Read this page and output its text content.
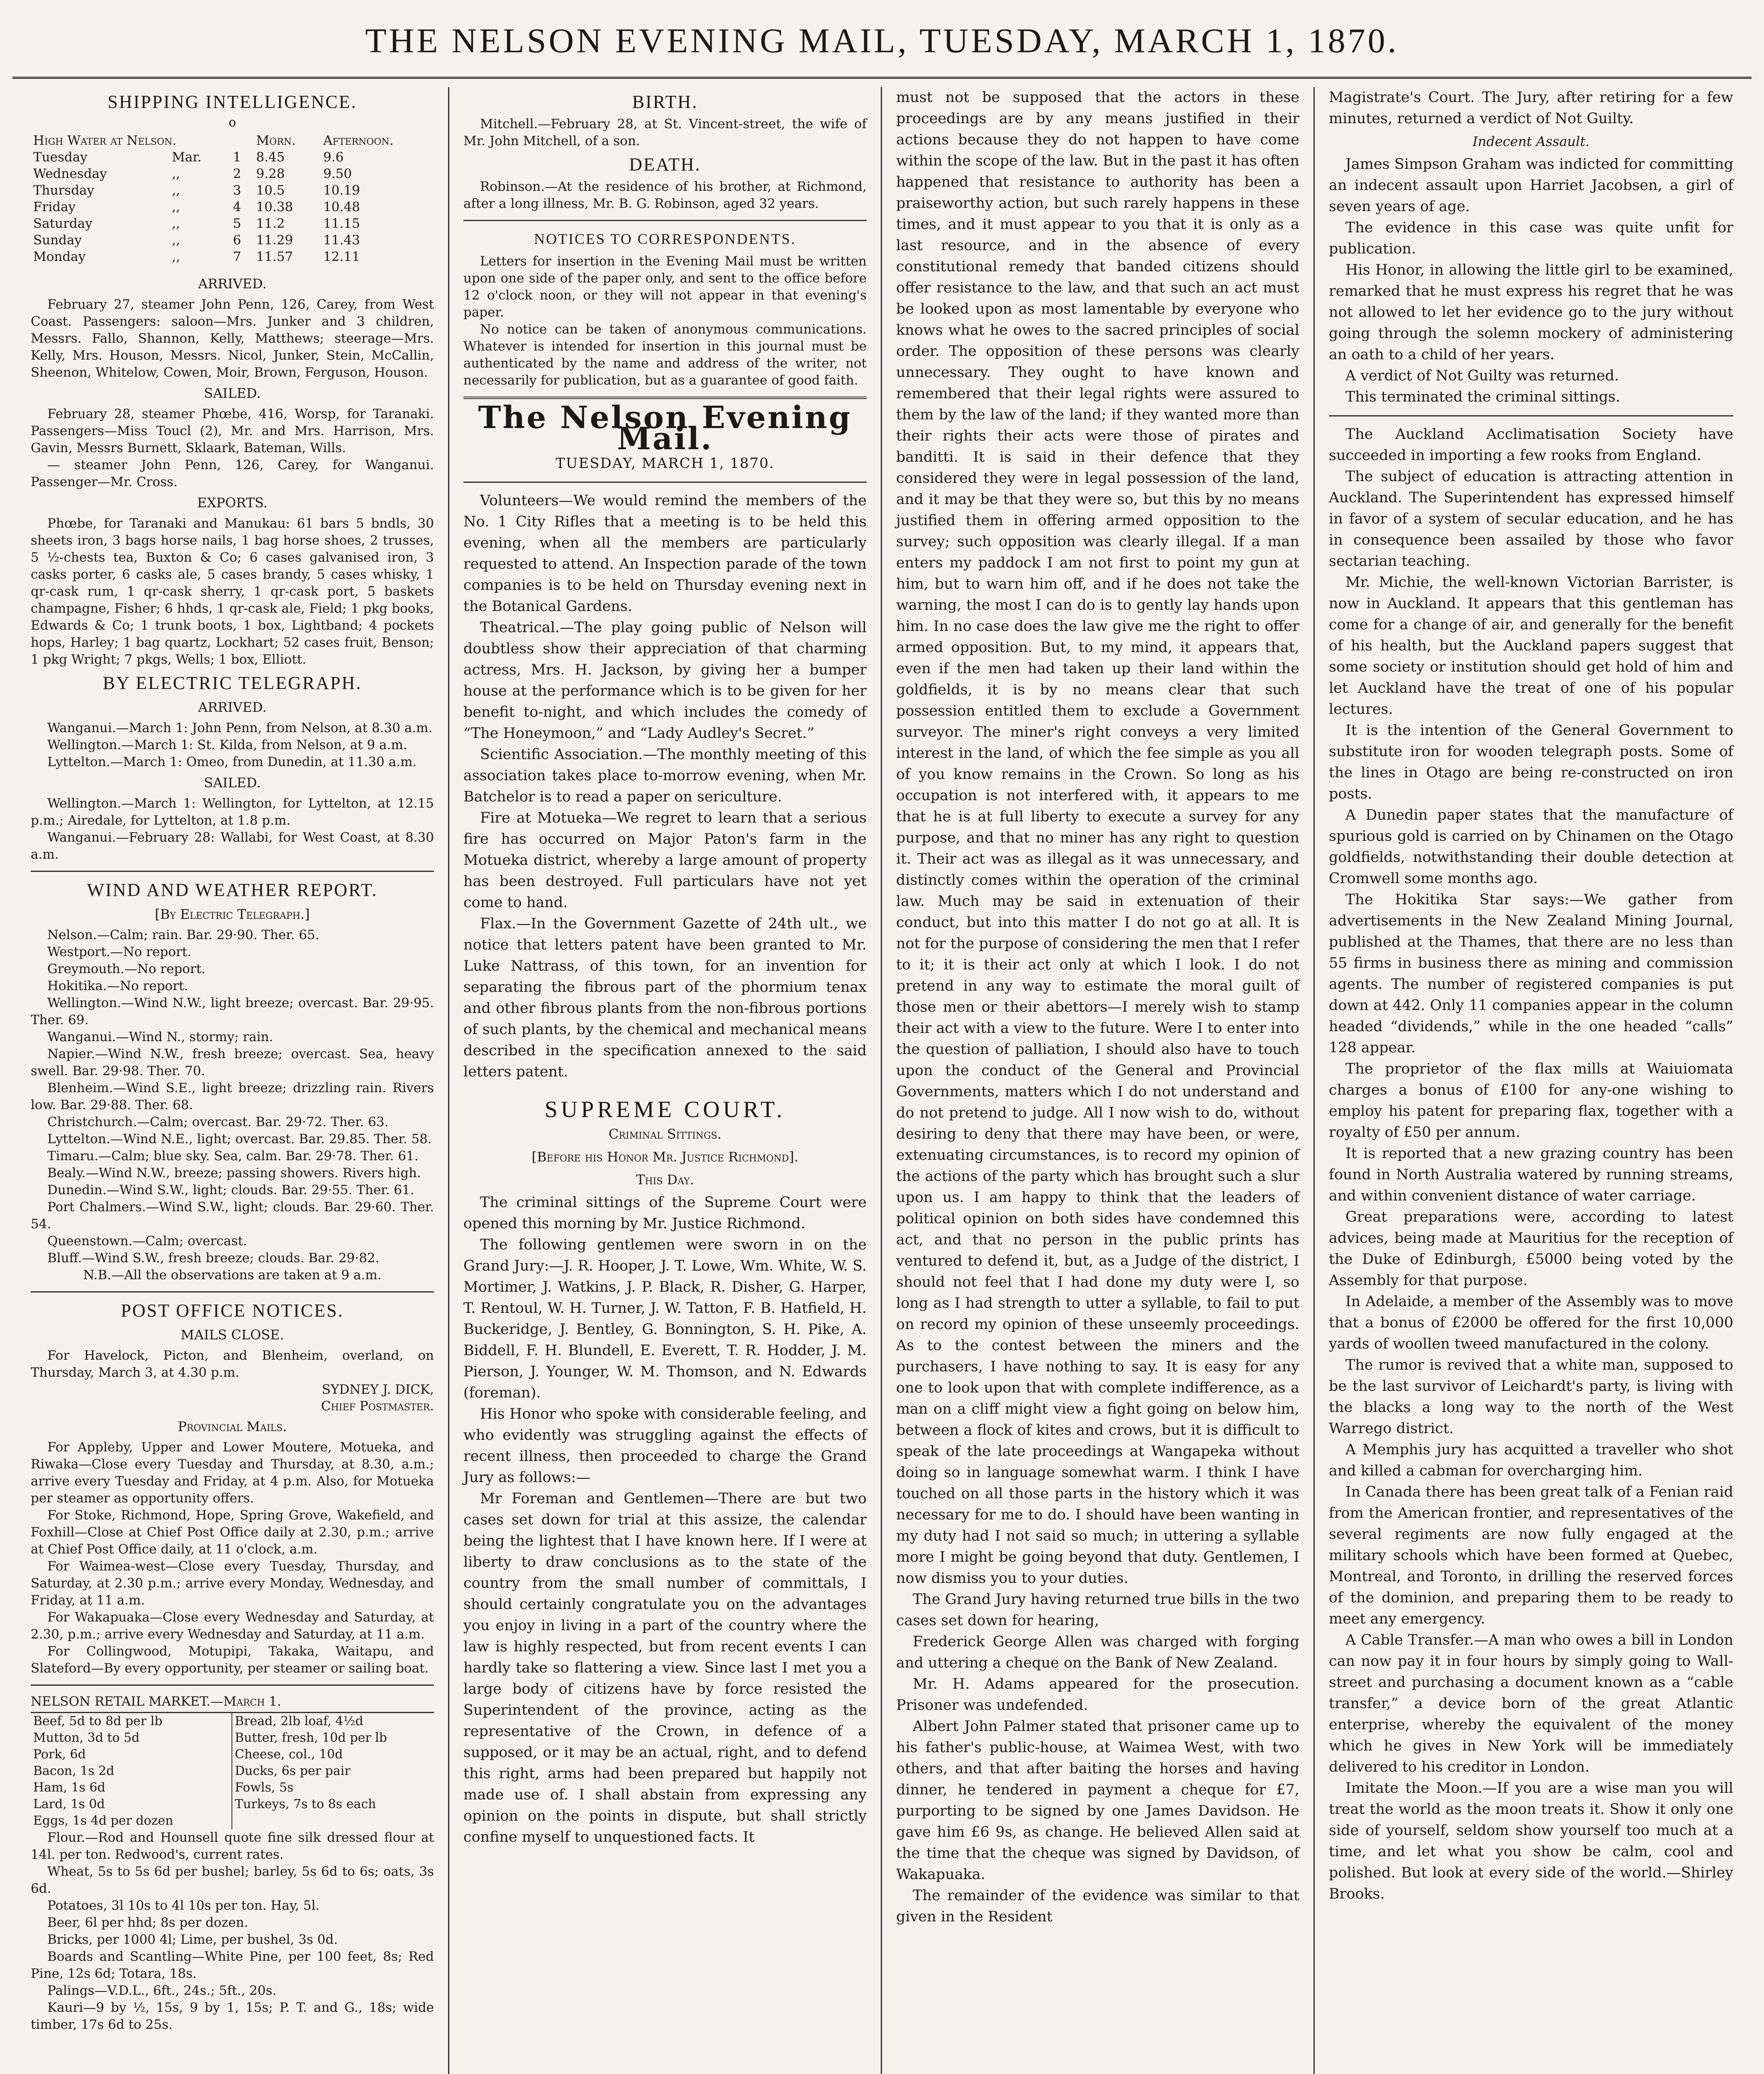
THE NELSON EVENING MAIL, TUESDAY, MARCH 1, 1870.
SHIPPING INTELLIGENCE.
o
High Water at Nelson.			Morn.	Afternoon.
Tuesday	Mar.	1	8.45	9.6
Wednesday	,,	2	9.28	9.50
Thursday	,,	3	10.5	10.19
Friday	,,	4	10.38	10.48
Saturday	,,	5	11.2	11.15
Sunday	,,	6	11.29	11.43
Monday	,,	7	11.57	12.11
ARRIVED.

February 27, steamer John Penn, 126, Carey, from West Coast. Passengers: saloon—Mrs. Junker and 3 children, Messrs. Fallo, Shannon, Kelly, Matthews; steerage—Mrs. Kelly, Mrs. Houson, Messrs. Nicol, Junker, Stein, McCallin, Sheenon, Whitelow, Cowen, Moir, Brown, Ferguson, Houson.

SAILED.

February 28, steamer Phœbe, 416, Worsp, for Taranaki. Passengers—Miss Toucl (2), Mr. and Mrs. Harrison, Mrs. Gavin, Messrs Burnett, Sklaark, Bateman, Wills.

— steamer John Penn, 126, Carey, for Wanganui. Passenger—Mr. Cross.

EXPORTS.

Phœbe, for Taranaki and Manukau: 61 bars 5 bndls, 30 sheets iron, 3 bags horse nails, 1 bag horse shoes, 2 trusses, 5 ½-chests tea, Buxton & Co; 6 cases galvanised iron, 3 casks porter, 6 casks ale, 5 cases brandy, 5 cases whisky, 1 qr-cask rum, 1 qr-cask sherry, 1 qr-cask port, 5 baskets champagne, Fisher; 6 hhds, 1 qr-cask ale, Field; 1 pkg books, Edwards & Co; 1 trunk boots, 1 box, Lightband; 4 pockets hops, Harley; 1 bag quartz, Lockhart; 52 cases fruit, Benson; 1 pkg Wright; 7 pkgs, Wells; 1 box, Elliott.

BY ELECTRIC TELEGRAPH.
ARRIVED.

Wanganui.—March 1: John Penn, from Nelson, at 8.30 a.m.

Wellington.—March 1: St. Kilda, from Nelson, at 9 a.m.

Lyttelton.—March 1: Omeo, from Dunedin, at 11.30 a.m.

SAILED.

Wellington.—March 1: Wellington, for Lyttelton, at 12.15 p.m.; Airedale, for Lyttelton, at 1.8 p.m.

Wanganui.—February 28: Wallabi, for West Coast, at 8.30 a.m.

WIND AND WEATHER REPORT.
[By Electric Telegraph.]

Nelson.—Calm; rain. Bar. 29·90. Ther. 65.

Westport.—No report.

Greymouth.—No report.

Hokitika.—No report.

Wellington.—Wind N.W., light breeze; overcast. Bar. 29·95. Ther. 69.

Wanganui.—Wind N., stormy; rain.

Napier.—Wind N.W., fresh breeze; overcast. Sea, heavy swell. Bar. 29·98. Ther. 70.

Blenheim.—Wind S.E., light breeze; drizzling rain. Rivers low. Bar. 29·88. Ther. 68.

Christchurch.—Calm; overcast. Bar. 29·72. Ther. 63.

Lyttelton.—Wind N.E., light; overcast. Bar. 29.85. Ther. 58.

Timaru.—Calm; blue sky. Sea, calm. Bar. 29·78. Ther. 61.

Bealy.—Wind N.W., breeze; passing showers. Rivers high.

Dunedin.—Wind S.W., light; clouds. Bar. 29·55. Ther. 61.

Port Chalmers.—Wind S.W., light; clouds. Bar. 29·60. Ther. 54.

Queenstown.—Calm; overcast.

Bluff.—Wind S.W., fresh breeze; clouds. Bar. 29·82.

N.B.—All the observations are taken at 9 a.m.

POST OFFICE NOTICES.
MAILS CLOSE.

For Havelock, Picton, and Blenheim, overland, on Thursday, March 3, at 4.30 p.m.

SYDNEY J. DICK,
Chief Postmaster.
Provincial Mails.

For Appleby, Upper and Lower Moutere, Motueka, and Riwaka—Close every Tuesday and Thursday, at 8.30, a.m.; arrive every Tuesday and Friday, at 4 p.m. Also, for Motueka per steamer as opportunity offers.

For Stoke, Richmond, Hope, Spring Grove, Wakefield, and Foxhill—Close at Chief Post Office daily at 2.30, p.m.; arrive at Chief Post Office daily, at 11 o'clock, a.m.

For Waimea-west—Close every Tuesday, Thursday, and Saturday, at 2.30 p.m.; arrive every Monday, Wednesday, and Friday, at 11 a.m.

For Wakapuaka—Close every Wednesday and Saturday, at 2.30, p.m.; arrive every Wednesday and Saturday, at 11 a.m.

For Collingwood, Motupipi, Takaka, Waitapu, and Slateford—By every opportunity, per steamer or sailing boat.

NELSON RETAIL MARKET.—March 1.
Beef, 5d to 8d per lb	Bread, 2lb loaf, 4½d
Mutton, 3d to 5d	Butter, fresh, 10d per lb
Pork, 6d	Cheese, col., 10d
Bacon, 1s 2d	Ducks, 6s per pair
Ham, 1s 6d	Fowls, 5s
Lard, 1s 0d	Turkeys, 7s to 8s each
Eggs, 1s 4d per dozen

Flour.—Rod and Hounsell quote fine silk dressed flour at 14l. per ton. Redwood's, current rates.

Wheat, 5s to 5s 6d per bushel; barley, 5s 6d to 6s; oats, 3s 6d.

Potatoes, 3l 10s to 4l 10s per ton. Hay, 5l.

Beer, 6l per hhd; 8s per dozen.

Bricks, per 1000 4l; Lime, per bushel, 3s 0d.

Boards and Scantling—White Pine, per 100 feet, 8s; Red Pine, 12s 6d; Totara, 18s.

Palings—V.D.L., 6ft., 24s.; 5ft., 20s.

Kauri—9 by ½, 15s, 9 by 1, 15s; P. T. and G., 18s; wide timber, 17s 6d to 25s.

BIRTH.

Mitchell.—February 28, at St. Vincent-street, the wife of Mr. John Mitchell, of a son.

DEATH.

Robinson.—At the residence of his brother, at Richmond, after a long illness, Mr. B. G. Robinson, aged 32 years.

NOTICES TO CORRESPONDENTS.

Letters for insertion in the Evening Mail must be written upon one side of the paper only, and sent to the office before 12 o'clock noon, or they will not appear in that evening's paper.

No notice can be taken of anonymous communications. Whatever is intended for insertion in this journal must be authenticated by the name and address of the writer, not necessarily for publication, but as a guarantee of good faith.

The Nelson Evening Mail.
TUESDAY, MARCH 1, 1870.

Volunteers—We would remind the members of the No. 1 City Rifles that a meeting is to be held this evening, when all the members are particularly requested to attend. An Inspection parade of the town companies is to be held on Thursday evening next in the Botanical Gardens.

Theatrical.—The play going public of Nelson will doubtless show their appreciation of that charming actress, Mrs. H. Jackson, by giving her a bumper house at the performance which is to be given for her benefit to-night, and which includes the comedy of “The Honeymoon,” and “Lady Audley's Secret.”

Scientific Association.—The monthly meeting of this association takes place to-morrow evening, when Mr. Batchelor is to read a paper on sericulture.

Fire at Motueka—We regret to learn that a serious fire has occurred on Major Paton's farm in the Motueka district, whereby a large amount of property has been destroyed. Full particulars have not yet come to hand.

Flax.—In the Government Gazette of 24th ult., we notice that letters patent have been granted to Mr. Luke Nattrass, of this town, for an invention for separating the fibrous part of the phormium tenax and other fibrous plants from the non-fibrous portions of such plants, by the chemical and mechanical means described in the specification annexed to the said letters patent.

SUPREME COURT.
Criminal Sittings.
[Before his Honor Mr. Justice Richmond].
This Day.

The criminal sittings of the Supreme Court were opened this morning by Mr. Justice Richmond.

The following gentlemen were sworn in on the Grand Jury:—J. R. Hooper, J. T. Lowe, Wm. White, W. S. Mortimer, J. Watkins, J. P. Black, R. Disher, G. Harper, T. Rentoul, W. H. Turner, J. W. Tatton, F. B. Hatfield, H. Buckeridge, J. Bentley, G. Bonnington, S. H. Pike, A. Biddell, F. H. Blundell, E. Everett, T. R. Hodder, J. M. Pierson, J. Younger, W. M. Thomson, and N. Edwards (foreman).

His Honor who spoke with considerable feeling, and who evidently was struggling against the effects of recent illness, then proceeded to charge the Grand Jury as follows:—

Mr Foreman and Gentlemen—There are but two cases set down for trial at this assize, the calendar being the lightest that I have known here. If I were at liberty to draw conclusions as to the state of the country from the small number of committals, I should certainly congratulate you on the advantages you enjoy in living in a part of the country where the law is highly respected, but from recent events I can hardly take so flattering a view. Since last I met you a large body of citizens have by force resisted the Superintendent of the province, acting as the representative of the Crown, in defence of a supposed, or it may be an actual, right, and to defend this right, arms had been prepared but happily not made use of. I shall abstain from expressing any opinion on the points in dispute, but shall strictly confine myself to unquestioned facts. It

must not be supposed that the actors in these proceedings are by any means justified in their actions because they do not happen to have come within the scope of the law. But in the past it has often happened that resistance to authority has been a praiseworthy action, but such rarely happens in these times, and it must appear to you that it is only as a last resource, and in the absence of every constitutional remedy that banded citizens should offer resistance to the law, and that such an act must be looked upon as most lamentable by everyone who knows what he owes to the sacred principles of social order. The opposition of these persons was clearly unnecessary. They ought to have known and remembered that their legal rights were assured to them by the law of the land; if they wanted more than their rights their acts were those of pirates and banditti. It is said in their defence that they considered they were in legal possession of the land, and it may be that they were so, but this by no means justified them in offering armed opposition to the survey; such opposition was clearly illegal. If a man enters my paddock I am not first to point my gun at him, but to warn him off, and if he does not take the warning, the most I can do is to gently lay hands upon him. In no case does the law give me the right to offer armed opposition. But, to my mind, it appears that, even if the men had taken up their land within the goldfields, it is by no means clear that such possession entitled them to exclude a Government surveyor. The miner's right conveys a very limited interest in the land, of which the fee simple as you all of you know remains in the Crown. So long as his occupation is not interfered with, it appears to me that he is at full liberty to execute a survey for any purpose, and that no miner has any right to question it. Their act was as illegal as it was unnecessary, and distinctly comes within the operation of the criminal law. Much may be said in extenuation of their conduct, but into this matter I do not go at all. It is not for the purpose of considering the men that I refer to it; it is their act only at which I look. I do not pretend in any way to estimate the moral guilt of those men or their abettors—I merely wish to stamp their act with a view to the future. Were I to enter into the question of palliation, I should also have to touch upon the conduct of the General and Provincial Governments, matters which I do not understand and do not pretend to judge. All I now wish to do, without desiring to deny that there may have been, or were, extenuating circumstances, is to record my opinion of the actions of the party which has brought such a slur upon us. I am happy to think that the leaders of political opinion on both sides have condemned this act, and that no person in the public prints has ventured to defend it, but, as a Judge of the district, I should not feel that I had done my duty were I, so long as I had strength to utter a syllable, to fail to put on record my opinion of these unseemly proceedings. As to the contest between the miners and the purchasers, I have nothing to say. It is easy for any one to look upon that with complete indifference, as a man on a cliff might view a fight going on below him, between a flock of kites and crows, but it is difficult to speak of the late proceedings at Wangapeka without doing so in language somewhat warm. I think I have touched on all those parts in the history which it was necessary for me to do. I should have been wanting in my duty had I not said so much; in uttering a syllable more I might be going beyond that duty. Gentlemen, I now dismiss you to your duties.

The Grand Jury having returned true bills in the two cases set down for hearing,

Frederick George Allen was charged with forging and uttering a cheque on the Bank of New Zealand.

Mr. H. Adams appeared for the prosecution. Prisoner was undefended.

Albert John Palmer stated that prisoner came up to his father's public-house, at Waimea West, with two others, and that after baiting the horses and having dinner, he tendered in payment a cheque for £7, purporting to be signed by one James Davidson. He gave him £6 9s, as change. He believed Allen said at the time that the cheque was signed by Davidson, of Wakapuaka.

The remainder of the evidence was similar to that given in the Resident

Magistrate's Court. The Jury, after retiring for a few minutes, returned a verdict of Not Guilty.

Indecent Assault.

James Simpson Graham was indicted for committing an indecent assault upon Harriet Jacobsen, a girl of seven years of age.

The evidence in this case was quite unfit for publication.

His Honor, in allowing the little girl to be examined, remarked that he must express his regret that he was not allowed to let her evidence go to the jury without going through the solemn mockery of administering an oath to a child of her years.

A verdict of Not Guilty was returned.

This terminated the criminal sittings.

The Auckland Acclimatisation Society have succeeded in importing a few rooks from England.

The subject of education is attracting attention in Auckland. The Superintendent has expressed himself in favor of a system of secular education, and he has in consequence been assailed by those who favor sectarian teaching.

Mr. Michie, the well-known Victorian Barrister, is now in Auckland. It appears that this gentleman has come for a change of air, and generally for the benefit of his health, but the Auckland papers suggest that some society or institution should get hold of him and let Auckland have the treat of one of his popular lectures.

It is the intention of the General Government to substitute iron for wooden telegraph posts. Some of the lines in Otago are being re-constructed on iron posts.

A Dunedin paper states that the manufacture of spurious gold is carried on by Chinamen on the Otago goldfields, notwithstanding their double detection at Cromwell some months ago.

The Hokitika Star says:—We gather from advertisements in the New Zealand Mining Journal, published at the Thames, that there are no less than 55 firms in business there as mining and commission agents. The number of registered companies is put down at 442. Only 11 companies appear in the column headed “dividends,” while in the one headed “calls” 128 appear.

The proprietor of the flax mills at Waiuiomata charges a bonus of £100 for any-one wishing to employ his patent for preparing flax, together with a royalty of £50 per annum.

It is reported that a new grazing country has been found in North Australia watered by running streams, and within convenient distance of water carriage.

Great preparations were, according to latest advices, being made at Mauritius for the reception of the Duke of Edinburgh, £5000 being voted by the Assembly for that purpose.

In Adelaide, a member of the Assembly was to move that a bonus of £2000 be offered for the first 10,000 yards of woollen tweed manufactured in the colony.

The rumor is revived that a white man, supposed to be the last survivor of Leichardt's party, is living with the blacks a long way to the north of the West Warrego district.

A Memphis jury has acquitted a traveller who shot and killed a cabman for overcharging him.

In Canada there has been great talk of a Fenian raid from the American frontier, and representatives of the several regiments are now fully engaged at the military schools which have been formed at Quebec, Montreal, and Toronto, in drilling the reserved forces of the dominion, and preparing them to be ready to meet any emergency.

A Cable Transfer.—A man who owes a bill in London can now pay it in four hours by simply going to Wall-street and purchasing a document known as a “cable transfer,” a device born of the great Atlantic enterprise, whereby the equivalent of the money which he gives in New York will be immediately delivered to his creditor in London.

Imitate the Moon.—If you are a wise man you will treat the world as the moon treats it. Show it only one side of yourself, seldom show yourself too much at a time, and let what you show be calm, cool and polished. But look at every side of the world.—Shirley Brooks.
